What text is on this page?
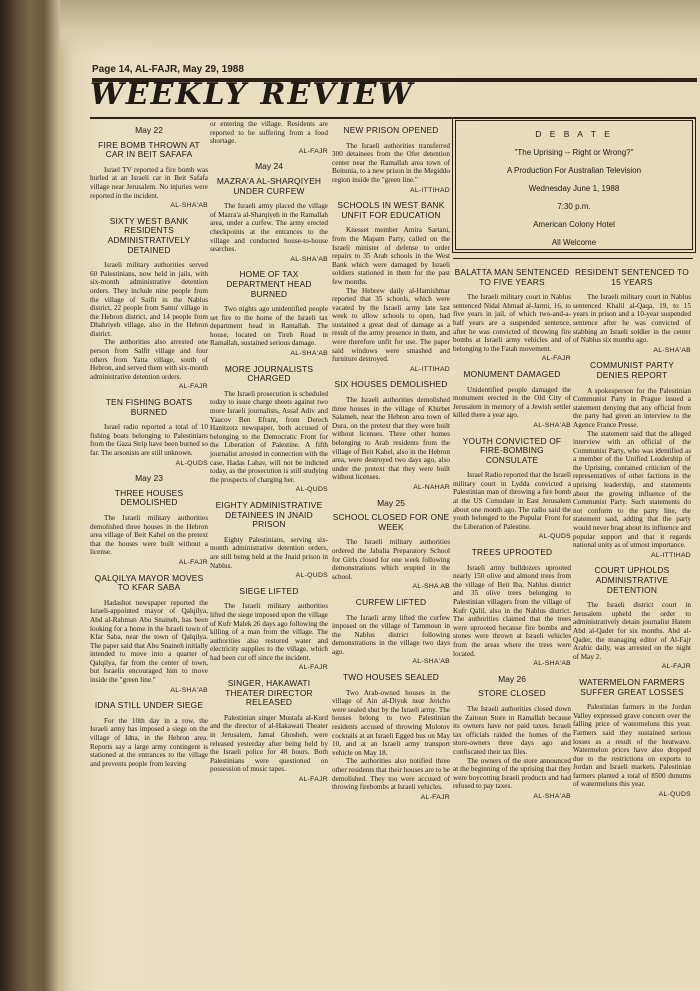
Page 14, AL-FAJR, May 29, 1988
WEEKLY REVIEW
May 22
FIRE BOMB THROWN AT CAR IN BEIT SAFAFA

Israel TV reported a fire bomb was hurled at an Israeli car in Beit Safafa village near Jerusalem. No injuries were reported in the incident.

AL-SHA'AB
SIXTY WEST BANK RESIDENTS ADMINISTRATIVELY DETAINED

Israeli military authorities served 60 Palestinians, now held in jails, with six-month administrative detention orders. They include nine people from the village of Saifit in the Nablus district, 22 people from Samu' village in the Hebron district, and 14 people from Dhahriyeh village, also in the Hebron district.

The authorities also arrested one person from Salfit village and four others from Yatta village, south of Hebron, and served them with six-month administrative detention orders.

AL-FAJR
TEN FISHING BOATS BURNED

Israel radio reported a total of 10 fishing boats belonging to Palestinians from the Gaza Strip have been burned so far. The arsonists are still unknown.

AL-QUDS
May 23
THREE HOUSES DEMOLISHED

The Israeli military authorities demolished three houses in the Hebron area village of Beit Kahel on the pretext that the houses were built without a license.

AL-FAJR
QALQILYA MAYOR MOVES TO KFAR SABA

Hadashot newspaper reported the Israeli-appointed mayor of Qalqilya, Abd al-Rahman Abu Snaineh, has been looking for a home in the Israeli town of Kfar Saba, near the town of Qalqilya. The paper said that Abu Snaineh initially intended to move into a quarter of Qalqilya, far from the center of town, but Israelis encouraged him to move inside the "green line."

AL-SHA'AB
IDNA STILL UNDER SIEGE

For the 10th day in a row, the Israeli army has imposed a siege on the village of Idna, in the Hebron area. Reports say a large army contingent is stationed at the entrances to the village and prevents people from leaving

or entering the village. Residents are reported to be suffering from a food shortage.

AL-FAJR
May 24
MAZRA'A AL-SHARQIYEH UNDER CURFEW

The Israeli army placed the village of Mazra'a al-Sharqiyeh in the Ramallah area, under a curfew. The army erected checkpoints at the entrances to the village and conducted house-to-house searches.

AL-SHA'AB
HOME OF TAX DEPARTMENT HEAD BURNED

Two nights ago unidentified people set fire to the home of the Israeli tax department head in Ramallah. The house, located on Tireh Road in Ramallah, sustained serious damage.

AL-SHA'AB
MORE JOURNALISTS CHARGED

The Israeli prosecution is scheduled today to issue charge sheets against two more Israeli journalists, Assaf Adiv and Yaacov Ben Efrant, from Derech Hanitzotz newspaper, both accused of belonging to the Democratic Front for the Liberation of Palestine. A fifth journalist arrested in connection with the case, Hadas Lahav, will not be indicted today, as the prosecution is still studying the prospects of charging her.

AL-QUDS
EIGHTY ADMINISTRATIVE DETAINEES IN JNAID PRISON

Eighty Palestinians, serving six-month administrative detention orders, are still being held at the Jnaid prison in Nablus.

AL-QUDS
SIEGE LIFTED

The Israeli military authorities lifted the siege imposed upon the village of Kufr Malek 26 days ago following the killing of a man from the village. The authorities also restored water and electricity supplies to the village, which had been cut off since the incident.

AL-FAJR
SINGER, HAKAWATI THEATER DIRECTOR RELEASED

Palestinian singer Mustafa al-Kurd and the director of al-Hakawati Theater in Jerusalem, Jamal Ghosheh, were released yesterday after being held by the Israeli police for 48 hours. Both Palestinians were questioned on possession of music tapes.

AL-FAJR
NEW PRISON OPENED

The Israeli authorities transferred 300 detainees from the Ofer detention center near the Ramallah area town of Beitunia, to a new prison in the Megiddo region inside the "green line."

AL-ITTIHAD
SCHOOLS IN WEST BANK UNFIT FOR EDUCATION

Knesset member Amira Sartani, from the Mapam Party, called on the Israeli minister of defense to order repairs to 35 Arab schools in the West Bank which were damaged by Israeli soldiers stationed in them for the past few months.

The Hebrew daily al-Hamishmar reported that 35 schools, which were vacated by the Israeli army late last week to allow schools to open, had sustained a great deal of damage as a result of the army presence in them, and were therefore unfit for use. The paper said windows were smashed and furniture destroyed.

AL-ITTIHAD
SIX HOUSES DEMOLISHED

The Israeli authorities demolished three houses in the village of Khirbet Salameh, near the Hebron area town of Dura, on the pretext that they were built without licenses. Three other homes belonging to Arab residents from the village of Beit Kahel, also in the Hebron area, were destroyed two days ago, also under the pretext that they were built without licenses.

AL-NAHAR
May 25
SCHOOL CLOSED FOR ONE WEEK

The Israeli military authorities ordered the Jabalia Preparatory School for Girls closed for one week following demonstrations which erupted in the school.

AL-SHA AB
CURFEW LIFTED

The Israeli army lifted the curfew imposed on the village of Tammoun in the Nablus district following demonstrations in the village two days ago.

AL-SHA'AB
TWO HOUSES SEALED

Two Arab-owned houses in the village of Ain al-Diyuk near Jericho were sealed shut by the Israeli army. The houses belong to two Palestinian residents accused of throwing Molotov cocktails at an Israeli Egged bus on May 10, and at an Israeli army transport vehicle on May 18.

The authorities also notified three other residents that their houses are to be demolished. They too were accused of throwing firebombs at Israeli vehicles.

AL-FAJR
D E B A T E
"The Uprising -- Right or Wrong?"
A Production For Australian Television
Wednesday June 1, 1988
7:30 p.m.
American Colony Hotel
All Welcome
BALATTA MAN SENTENCED TO FIVE YEARS

The Israeli military court in Nablus sentenced Nidal Ahmad al-Jarmi, 16, to five years in jail, of which two-and-a-half years are a suspended sentence, after he was convicted of throwing fire bombs at Israeli army vehicles and of belonging to the Fatah movement.

AL-FAJR
MONUMENT DAMAGED

Unidentified people damaged the monument erected in the Old City of Jerusalem in memory of a Jewish settler killed there a year ago.

AL-SHA'AB
YOUTH CONVICTED OF FIRE-BOMBING CONSULATE

Israel Radio reported that the Israeli military court in Lydda convicted a Palestinian man of throwing a fire bomb at the US Consulate in East Jerusalem about one month ago. The radio said the youth belonged to the Popular Front for the Liberation of Palestine.

AL-QUDS
TREES UPROOTED

Israeli army bulldozers uprooted nearly 150 olive and almond trees from the village of Beit Iba, Nablus district and 35 olive trees belonging to Palestinian villagers from the village of Kufr Qalil, also in the Nablus district. The authorities claimed that the trees were uprooted because fire bombs and stones were thrown at Israeli vehicles from the areas where the trees were located.

AL-SHA'AB
May 26
STORE CLOSED

The Israeli authorities closed down the Zaitoun Store in Ramallah because its owners have not paid taxes. Israeli tax officials raided the homes of the store-owners three days ago and confiscated their tax files.

The owners of the store announced at the beginning of the uprising that they were boycotting Israeli products and had refused to pay taxes.

AL-SHA'AB
RESIDENT SENTENCED TO 15 YEARS

The Israeli military court in Nablus sentenced Khalil al-Qaqa, 19, to 15 years in prison and a 10-year suspended sentence after he was convicted of stabbing an Israeli soldier in the center of Nablus six months ago.

AL-SHA'AB
COMMUNIST PARTY DENIES REPORT

A spokesperson for the Palestinian Communist Party in Prague issued a statement denying that any official from the party had given an interview to the Agence France Presse.

The statement said that the alleged interview with an official of the Communist Party, who was identified as a member of the Unified Leadership of the Uprising, contained criticism of the representatives of other factions in the uprising leadership, and statements about the growing influence of the Communist Party. Such statements do not conform to the party line, the statement said, adding that the party would never brag about its influence and popular support and that it regards national unity as of utmost importance.

AL-ITTIHAD
COURT UPHOLDS ADMINISTRATIVE DETENTION

The Israeli district court in Jerusalem upheld the order to administratively detain journalist Hatem Abd al-Qader for six months. Abd al-Qader, the managing editor of Al-Fajr Arabic daily, was arrested on the night of May 2.

AL-FAJR
WATERMELON FARMERS SUFFER GREAT LOSSES

Palestinian farmers in the Jordan Valley expressed grave concern over the falling price of watermelons this year. Farmers said they sustained serious losses as a result of the heatwave. Watermelon prices have also dropped due to the restrictions on exports to Jordan and Israeli markets. Palestinian farmers planted a total of 8500 dunums of watermelons this year.

AL-QUDS
